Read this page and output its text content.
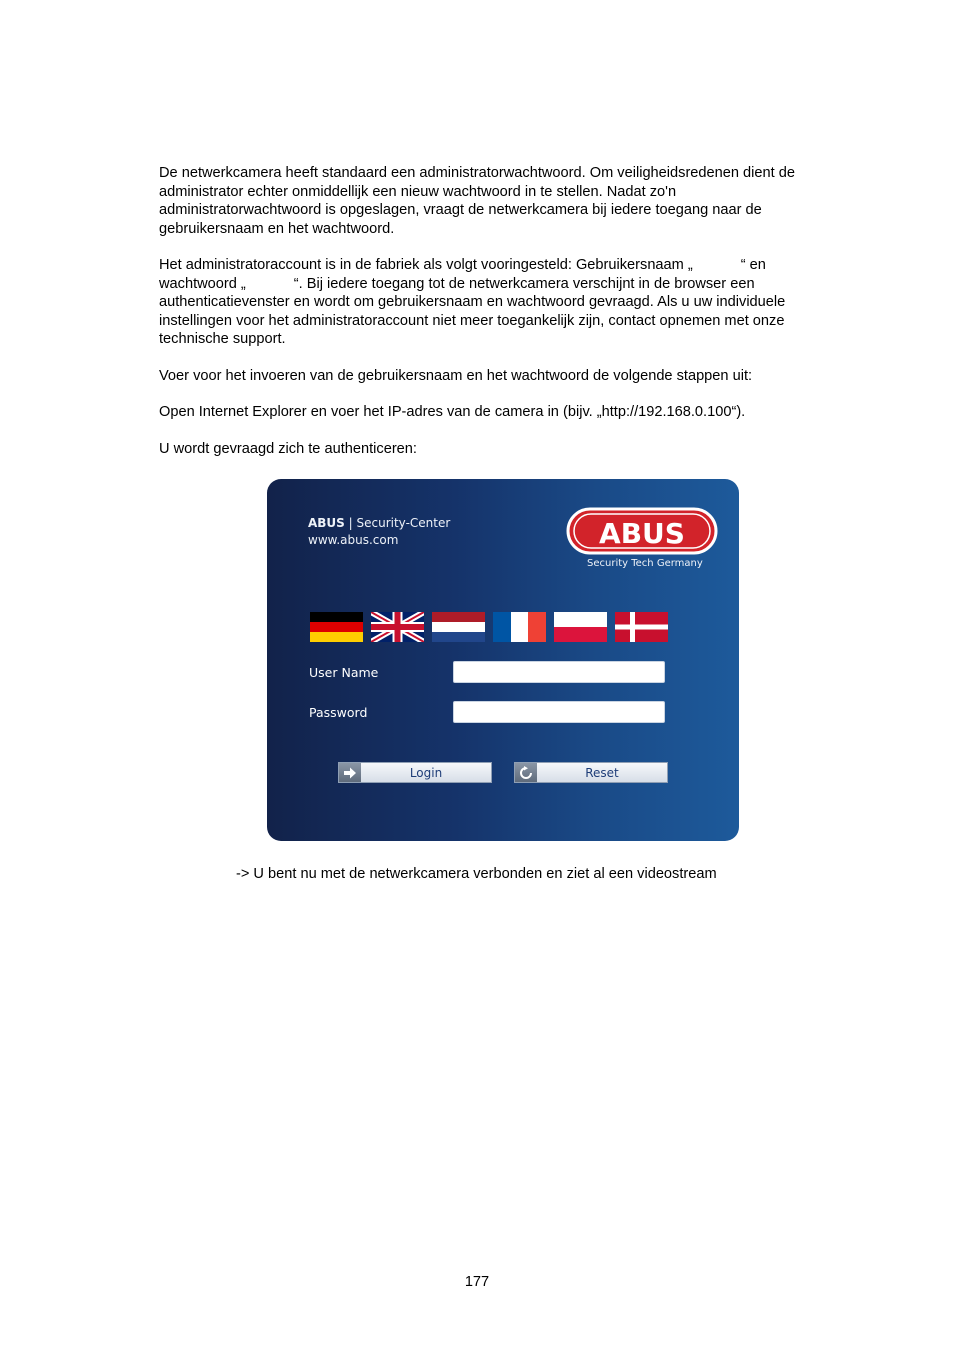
De netwerkcamera heeft standaard een administratorwachtwoord. Om veiligheidsredenen dient de
administrator echter onmiddellijk een nieuw wachtwoord in te stellen. Nadat zo'n
administratorwachtwoord is opgeslagen, vraagt de netwerkcamera bij iedere toegang naar de
gebruikersnaam en het wachtwoord.

Het administratoraccount is in de fabriek als volgt vooringesteld: Gebruikersnaam „	“ en
wachtwoord „	“. Bij iedere toegang tot de netwerkcamera verschijnt in de browser een
authenticatievenster en wordt om gebruikersnaam en wachtwoord gevraagd. Als u uw individuele
instellingen voor het administratoraccount niet meer toegankelijk zijn, contact opnemen met onze
technische support.

Voer voor het invoeren van de gebruikersnaam en het wachtwoord de volgende stappen uit:

Open Internet Explorer en voer het IP-adres van de camera in (bijv. „http://192.168.0.100“).

U wordt gevraagd zich te authenticeren:

ABUS | Security-Center
www.abus.com	ABUS
Security Tech Germany
User Name
Password
Login	Reset

-> U bent nu met de netwerkcamera verbonden en ziet al een videostream

177
